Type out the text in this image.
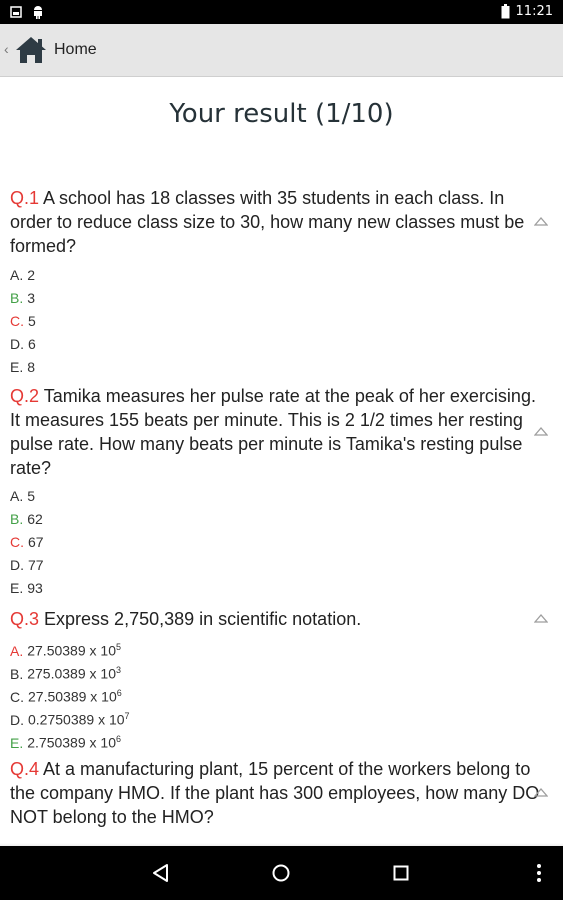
11:21
‹	Home
Your result (1/10)
Q.1 A school has 18 classes with 35 students in each class. In order to reduce class size to 30, how many new classes must be formed?
A. 2
B. 3
C. 5
D. 6
E. 8
Q.2 Tamika measures her pulse rate at the peak of her exercising. It measures 155 beats per minute. This is 2 1/2 times her resting pulse rate. How many beats per minute is Tamika's resting pulse rate?
A. 5
B. 62
C. 67
D. 77
E. 93
Q.3 Express 2,750,389 in scientific notation.
A. 27.50389 x $10^5$
B. 275.0389 x $10^3$
C. 27.50389 x $10^6$
D. 0.2750389 x $10^7$
E. 2.750389 x $10^6$
Q.4 At a manufacturing plant, 15 percent of the workers belong to the company HMO. If the plant has 300 employees, how many DO NOT belong to the HMO?
